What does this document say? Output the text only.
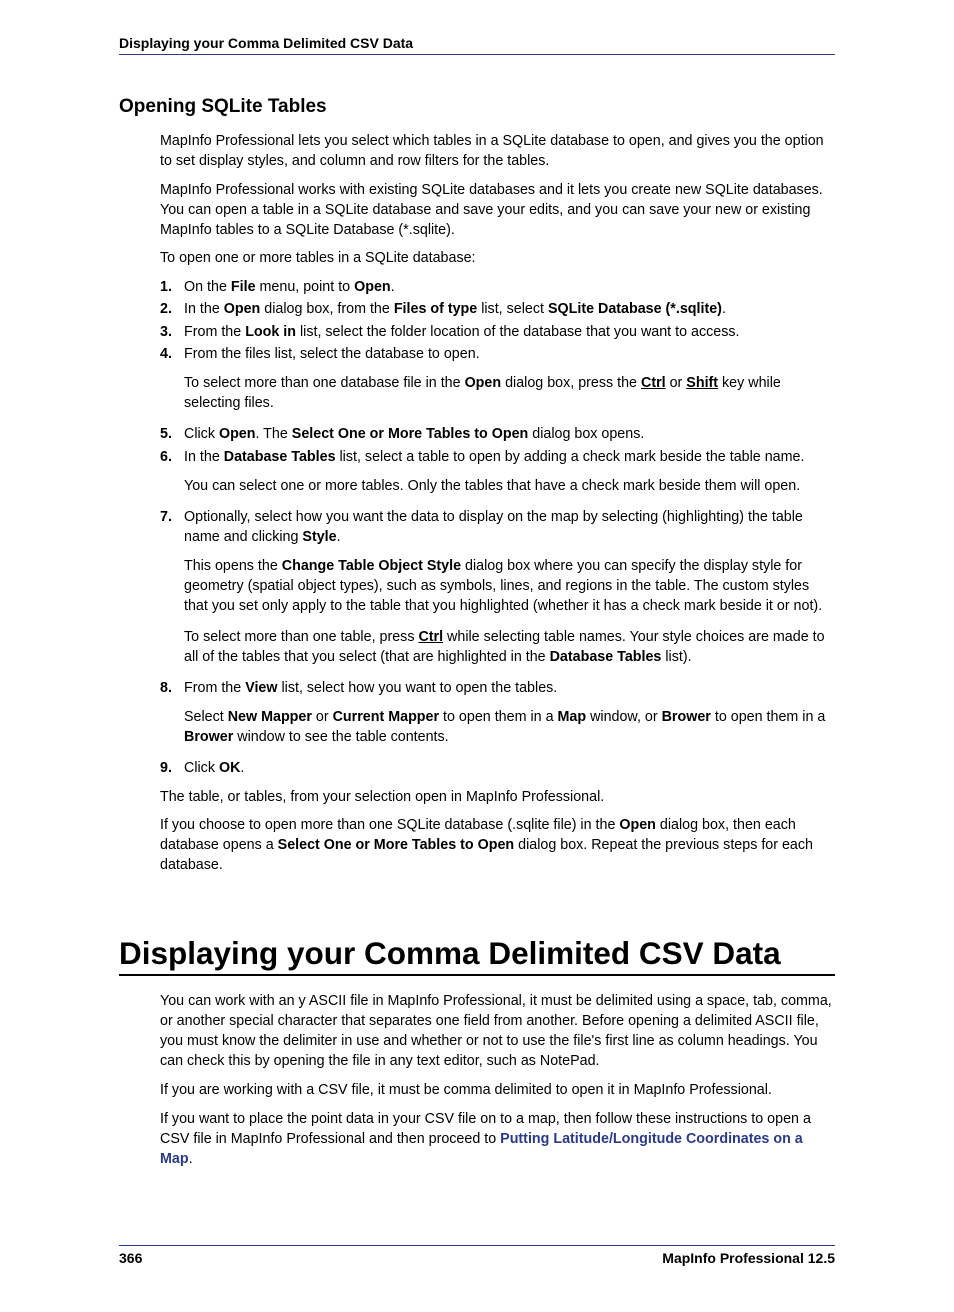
Displaying your Comma Delimited CSV Data
Opening SQLite Tables

MapInfo Professional lets you select which tables in a SQLite database to open, and gives you the option to set display styles, and column and row filters for the tables.

MapInfo Professional works with existing SQLite databases and it lets you create new SQLite databases. You can open a table in a SQLite database and save your edits, and you can save your new or existing MapInfo tables to a SQLite Database (*.sqlite).

To open one or more tables in a SQLite database:

1. On the File menu, point to Open.
2. In the Open dialog box, from the Files of type list, select SQLite Database (*.sqlite).
3. From the Look in list, select the folder location of the database that you want to access.
4. From the files list, select the database to open.
To select more than one database file in the Open dialog box, press the Ctrl or Shift key while selecting files.
5. Click Open. The Select One or More Tables to Open dialog box opens.
6. In the Database Tables list, select a table to open by adding a check mark beside the table name.
You can select one or more tables. Only the tables that have a check mark beside them will open.
7. Optionally, select how you want the data to display on the map by selecting (highlighting) the table name and clicking Style.
This opens the Change Table Object Style dialog box where you can specify the display style for geometry (spatial object types), such as symbols, lines, and regions in the table. The custom styles that you set only apply to the table that you highlighted (whether it has a check mark beside it or not).
To select more than one table, press Ctrl while selecting table names. Your style choices are made to all of the tables that you select (that are highlighted in the Database Tables list).
8. From the View list, select how you want to open the tables.
Select New Mapper or Current Mapper to open them in a Map window, or Brower to open them in a Brower window to see the table contents.
9. Click OK.

The table, or tables, from your selection open in MapInfo Professional.

If you choose to open more than one SQLite database (.sqlite file) in the Open dialog box, then each database opens a Select One or More Tables to Open dialog box. Repeat the previous steps for each database.

Displaying your Comma Delimited CSV Data

You can work with an y ASCII file in MapInfo Professional, it must be delimited using a space, tab, comma, or another special character that separates one field from another. Before opening a delimited ASCII file, you must know the delimiter in use and whether or not to use the file's first line as column headings. You can check this by opening the file in any text editor, such as NotePad.

If you are working with a CSV file, it must be comma delimited to open it in MapInfo Professional.

If you want to place the point data in your CSV file on to a map, then follow these instructions to open a CSV file in MapInfo Professional and then proceed to Putting Latitude/Longitude Coordinates on a Map.

366	MapInfo Professional 12.5
